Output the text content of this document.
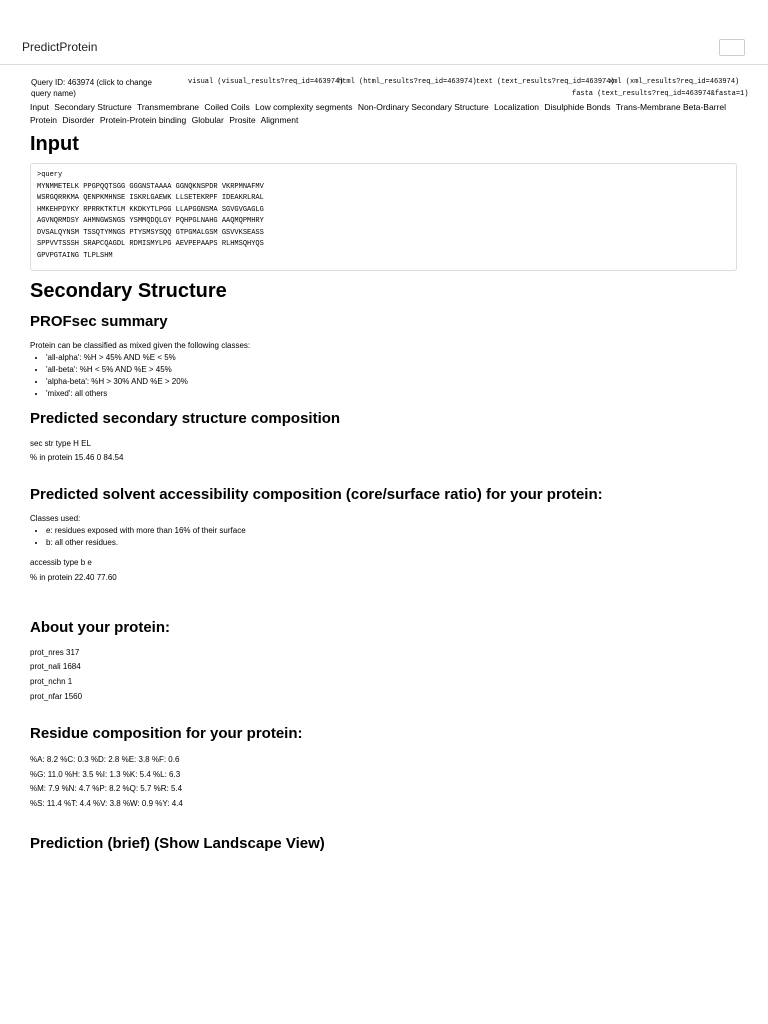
PredictProtein
Query ID: 463974 (click to change
query name)
visual (visual_results?req_id=463974)
html (html_results?req_id=463974) text (text_results?req_id=463974)
xml (xml_results?req_id=463974)
fasta (text_results?req_id=463974&fasta=1)
Input Secondary Structure Transmembrane Coiled Coils Low complexity segments Non-Ordinary Secondary Structure Localization Disulphide Bonds Trans-Membrane Beta-Barrel Protein Disorder Protein-Protein binding Globular Prosite Alignment
Input
>query
MYNMMETELK PPGPQQTSGG GGGNSTAAAA GGNQKNSPDR VKRPMNAFMV
WSRGQRRKMA QENPKMHNSE ISKRLGAEWK LLSETEKRPF IDEAKRLRAL
HMKEHPDYKY RPRRKTKTLM KKDKYTLPGG LLAPGGNSMA SGVGVGAGLG
AGVNQRMDSY AHMNGWSNGS YSMMQDQLGY PQHPGLNAHG AAQMQPMHRY
DVSALQYNSM TSSQTYMNGS PTYSMSYSQQ GTPGMALGSM GSVVKSEASS
SPPVVTSSSH SRAPCQAGDL RDMISMYLPG AEVPEPAAPS RLHMSQHYQS
GPVPGTAING TLPLSHM
Secondary Structure
PROFsec summary
Protein can be classified as mixed given the following classes:
• 'all-alpha': %H > 45% AND %E < 5%
• 'all-beta': %H < 5% AND %E > 45%
• 'alpha-beta': %H > 30% AND %E > 20%
• 'mixed': all others
Predicted secondary structure composition
sec str type H EL
% in protein 15.46 0 84.54
Predicted solvent accessibility composition (core/surface ratio) for your protein:
Classes used:
• e: residues exposed with more than 16% of their surface
• b: all other residues.
accessib type b e
% in protein 22.40 77.60
About your protein:
prot_nres 317
prot_nali 1684
prot_nchn 1
prot_nfar 1560
Residue composition for your protein:
%A: 8.2 %C: 0.3 %D: 2.8 %E: 3.8 %F: 0.6
%G: 11.0 %H: 3.5 %I: 1.3 %K: 5.4 %L: 6.3
%M: 7.9 %N: 4.7 %P: 8.2 %Q: 5.7 %R: 5.4
%S: 11.4 %T: 4.4 %V: 3.8 %W: 0.9 %Y: 4.4
Prediction (brief) (Show Landscape View)
